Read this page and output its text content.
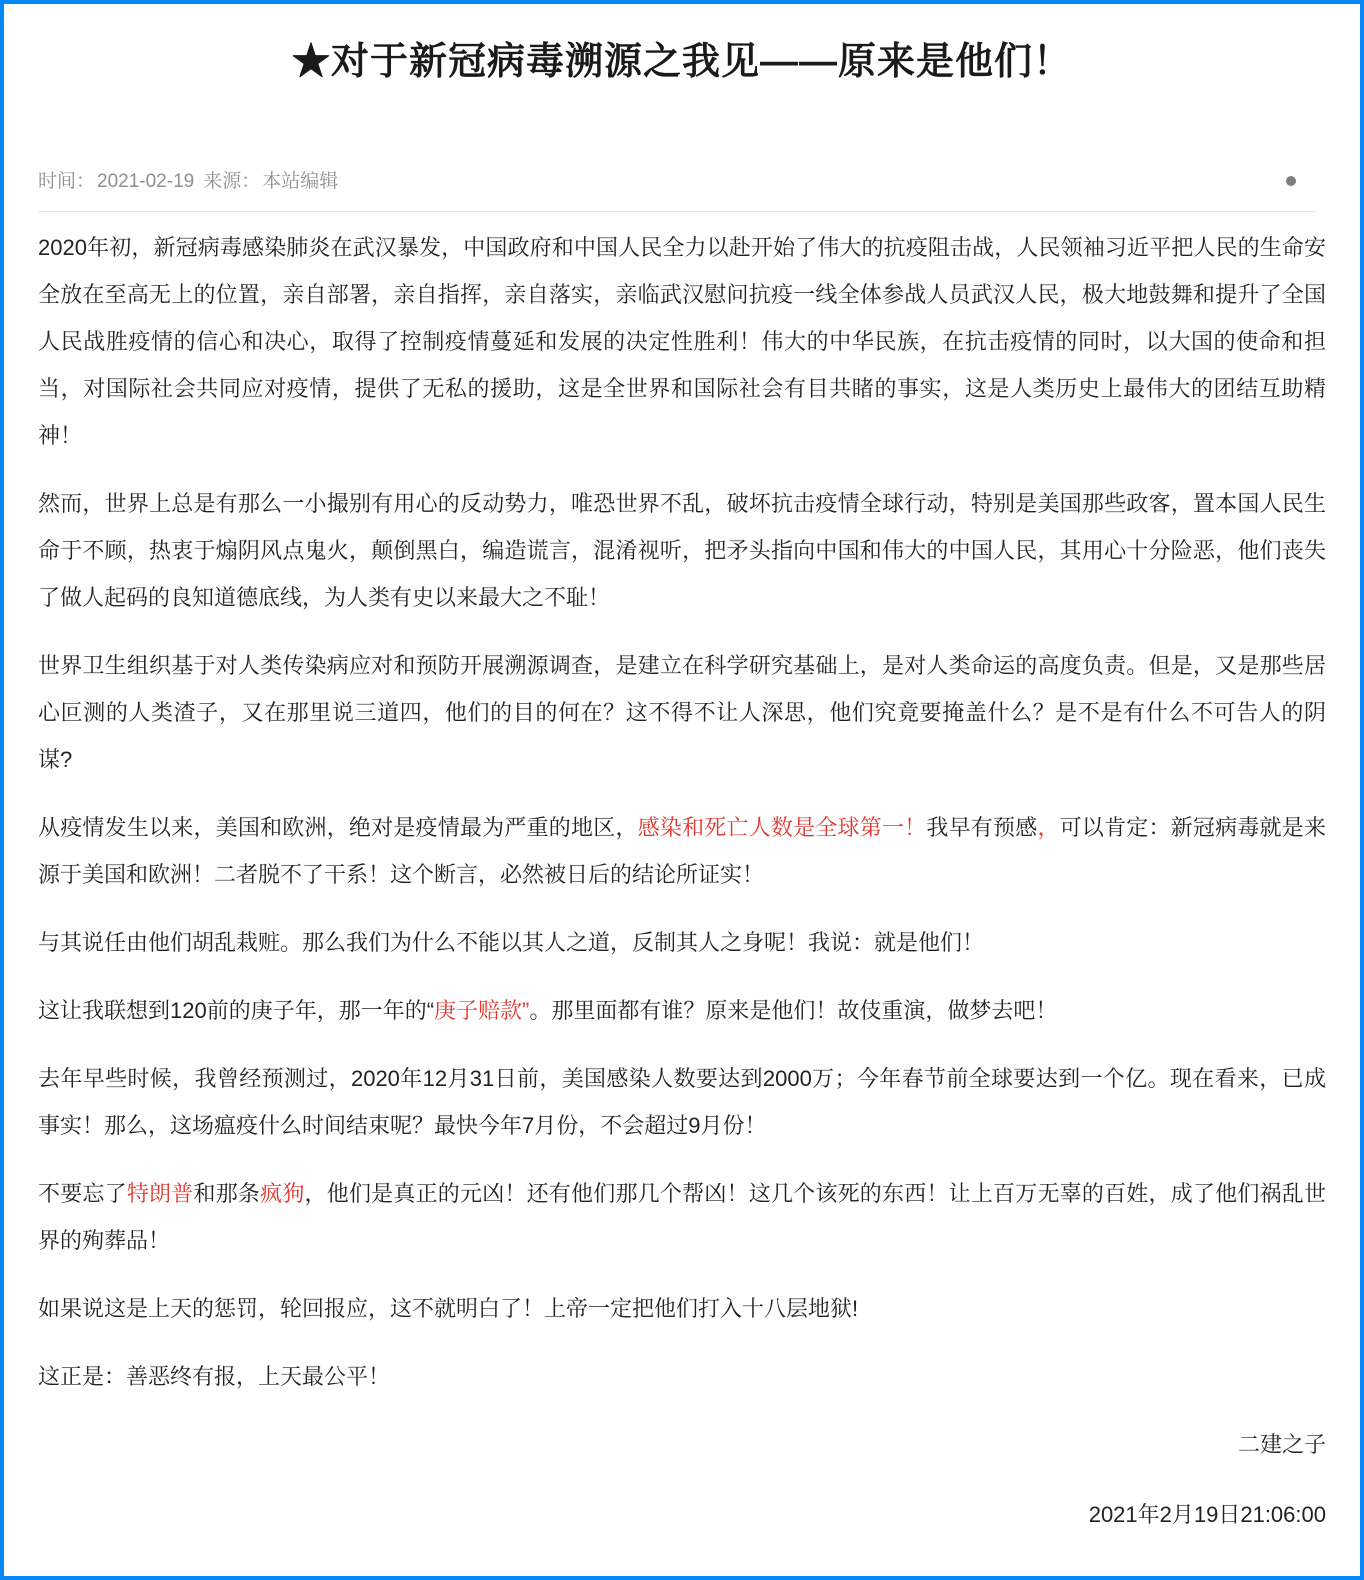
★对于新冠病毒溯源之我见——原来是他们！
时间： 2021-02-19 来源： 本站编辑

2020年初，新冠病毒感染肺炎在武汉暴发，中国政府和中国人民全力以赴开始了伟大的抗疫阻击战，人民领袖习近平把人民的生命安全放在至高无上的位置，亲自部署，亲自指挥，亲自落实，亲临武汉慰问抗疫一线全体参战人员武汉人民，极大地鼓舞和提升了全国人民战胜疫情的信心和决心，取得了控制疫情蔓延和发展的决定性胜利！伟大的中华民族，在抗击疫情的同时，以大国的使命和担当，对国际社会共同应对疫情，提供了无私的援助，这是全世界和国际社会有目共睹的事实，这是人类历史上最伟大的团结互助精神！

然而，世界上总是有那么一小撮别有用心的反动势力，唯恐世界不乱，破坏抗击疫情全球行动，特别是美国那些政客，置本国人民生命于不顾，热衷于煽阴风点鬼火，颠倒黑白，编造谎言，混淆视听，把矛头指向中国和伟大的中国人民，其用心十分险恶，他们丧失了做人起码的良知道德底线，为人类有史以来最大之不耻！

世界卫生组织基于对人类传染病应对和预防开展溯源调查，是建立在科学研究基础上，是对人类命运的高度负责。但是，又是那些居心叵测的人类渣子，又在那里说三道四，他们的目的何在？这不得不让人深思，他们究竟要掩盖什么？是不是有什么不可告人的阴谋?

从疫情发生以来，美国和欧洲，绝对是疫情最为严重的地区，感染和死亡人数是全球第一！我早有预感，可以肯定：新冠病毒就是来源于美国和欧洲！二者脱不了干系！这个断言，必然被日后的结论所证实！

与其说任由他们胡乱栽赃。那么我们为什么不能以其人之道，反制其人之身呢！我说：就是他们！

这让我联想到120前的庚子年，那一年的“庚子赔款”。那里面都有谁？原来是他们！故伎重演，做梦去吧！

去年早些时候，我曾经预测过，2020年12月31日前，美国感染人数要达到2000万；今年春节前全球要达到一个亿。现在看来，已成事实！那么，这场瘟疫什么时间结束呢？最快今年7月份，不会超过9月份！

不要忘了特朗普和那条疯狗，他们是真正的元凶！还有他们那几个帮凶！这几个该死的东西！让上百万无辜的百姓，成了他们祸乱世界的殉葬品！

如果说这是上天的惩罚，轮回报应，这不就明白了！上帝一定把他们打入十八层地狱!

这正是：善恶终有报，上天最公平！

二建之子
2021年2月19日21:06:00
